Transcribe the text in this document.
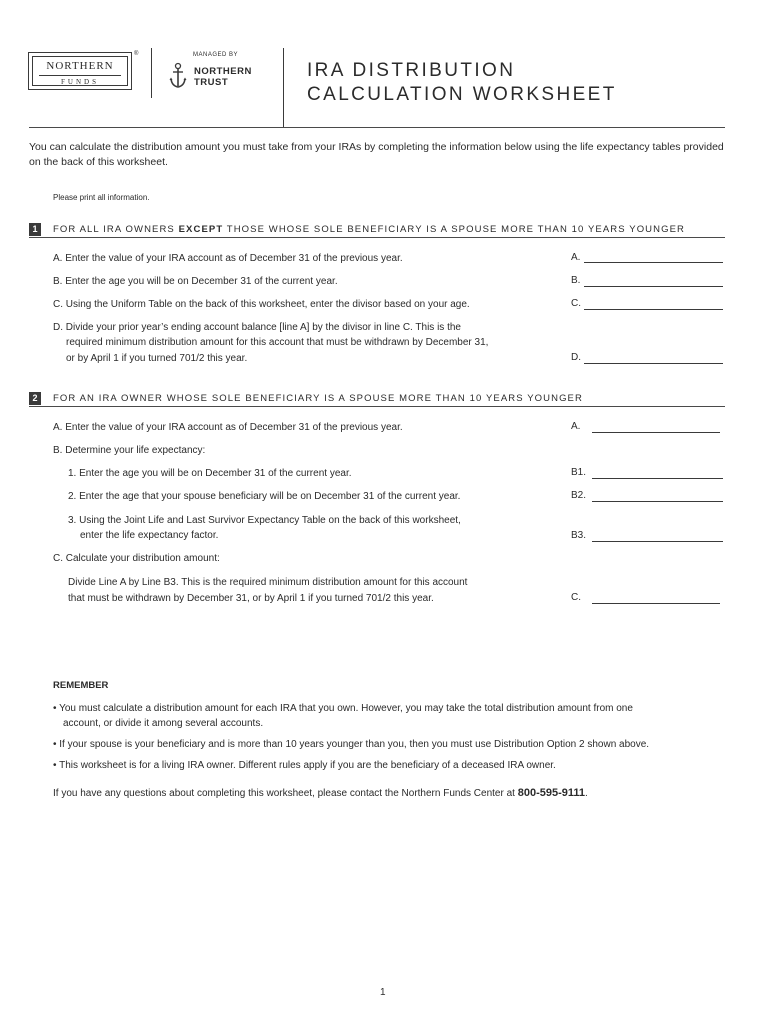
NORTHERN
FUNDS
®	MANAGED BY
NORTHERN
TRUST
IRA DISTRIBUTION
CALCULATION WORKSHEET
You can calculate the distribution amount you must take from your IRAs by completing the information below using the life expectancy tables provided on the back of this worksheet.
Please print all information.
1	FOR ALL IRA OWNERS EXCEPT THOSE WHOSE SOLE BENEFICIARY IS A SPOUSE MORE THAN 10 YEARS YOUNGER
A. Enter the value of your IRA account as of December 31 of the previous year.	A.
B. Enter the age you will be on December 31 of the current year.	B.
C. Using the Uniform Table on the back of this worksheet, enter the divisor based on your age.	C.
D. Divide your prior year’s ending account balance [line A] by the divisor in line C. This is the
required minimum distribution amount for this account that must be withdrawn by December 31,
or by April 1 if you turned 701/2 this year.	D.
2	FOR AN IRA OWNER WHOSE SOLE BENEFICIARY IS A SPOUSE MORE THAN 10 YEARS YOUNGER
A. Enter the value of your IRA account as of December 31 of the previous year.	A.
B. Determine your life expectancy:
1. Enter the age you will be on December 31 of the current year.	B1.
2. Enter the age that your spouse beneficiary will be on December 31 of the current year.	B2.
3. Using the Joint Life and Last Survivor Expectancy Table on the back of this worksheet,
enter the life expectancy factor.	B3.
C. Calculate your distribution amount:
Divide Line A by Line B3. This is the required minimum distribution amount for this account
that must be withdrawn by December 31, or by April 1 if you turned 701/2 this year.	C.
REMEMBER
• You must calculate a distribution amount for each IRA that you own. However, you may take the total distribution amount from one
account, or divide it among several accounts.
• If your spouse is your beneficiary and is more than 10 years younger than you, then you must use Distribution Option 2 shown above.
• This worksheet is for a living IRA owner. Different rules apply if you are the beneficiary of a deceased IRA owner.
If you have any questions about completing this worksheet, please contact the Northern Funds Center at 800-595-9111.
1
